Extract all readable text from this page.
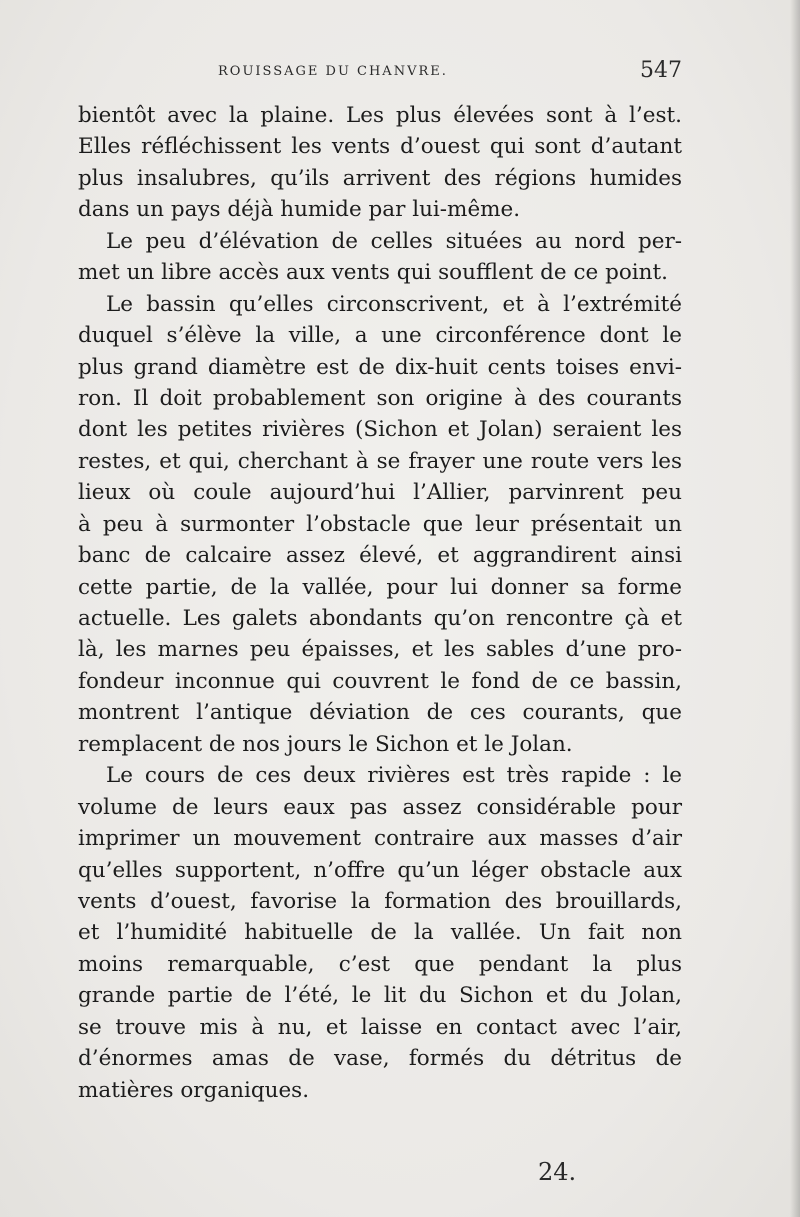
ROUISSAGE DU CHANVRE.	547
bientôt avec la plaine. Les plus élevées sont à l’est.
Elles réfléchissent les vents d’ouest qui sont d’autant
plus insalubres, qu’ils arrivent des régions humides
dans un pays déjà humide par lui-même.
Le peu d’élévation de celles situées au nord per-
met un libre accès aux vents qui soufflent de ce point.
Le bassin qu’elles circonscrivent, et à l’extrémité
duquel s’élève la ville, a une circonférence dont le
plus grand diamètre est de dix-huit cents toises envi-
ron. Il doit probablement son origine à des courants
dont les petites rivières (Sichon et Jolan) seraient les
restes, et qui, cherchant à se frayer une route vers les
lieux où coule aujourd’hui l’Allier, parvinrent peu
à peu à surmonter l’obstacle que leur présentait un
banc de calcaire assez élevé, et aggrandirent ainsi
cette partie, de la vallée, pour lui donner sa forme
actuelle. Les galets abondants qu’on rencontre çà et
là, les marnes peu épaisses, et les sables d’une pro-
fondeur inconnue qui couvrent le fond de ce bassin,
montrent l’antique déviation de ces courants, que
remplacent de nos jours le Sichon et le Jolan.
Le cours de ces deux rivières est très rapide : le
volume de leurs eaux pas assez considérable pour
imprimer un mouvement contraire aux masses d’air
qu’elles supportent, n’offre qu’un léger obstacle aux
vents d’ouest, favorise la formation des brouillards,
et l’humidité habituelle de la vallée. Un fait non
moins remarquable, c’est que pendant la plus
grande partie de l’été, le lit du Sichon et du Jolan,
se trouve mis à nu, et laisse en contact avec l’air,
d’énormes amas de vase, formés du détritus de
matières organiques.
24.
